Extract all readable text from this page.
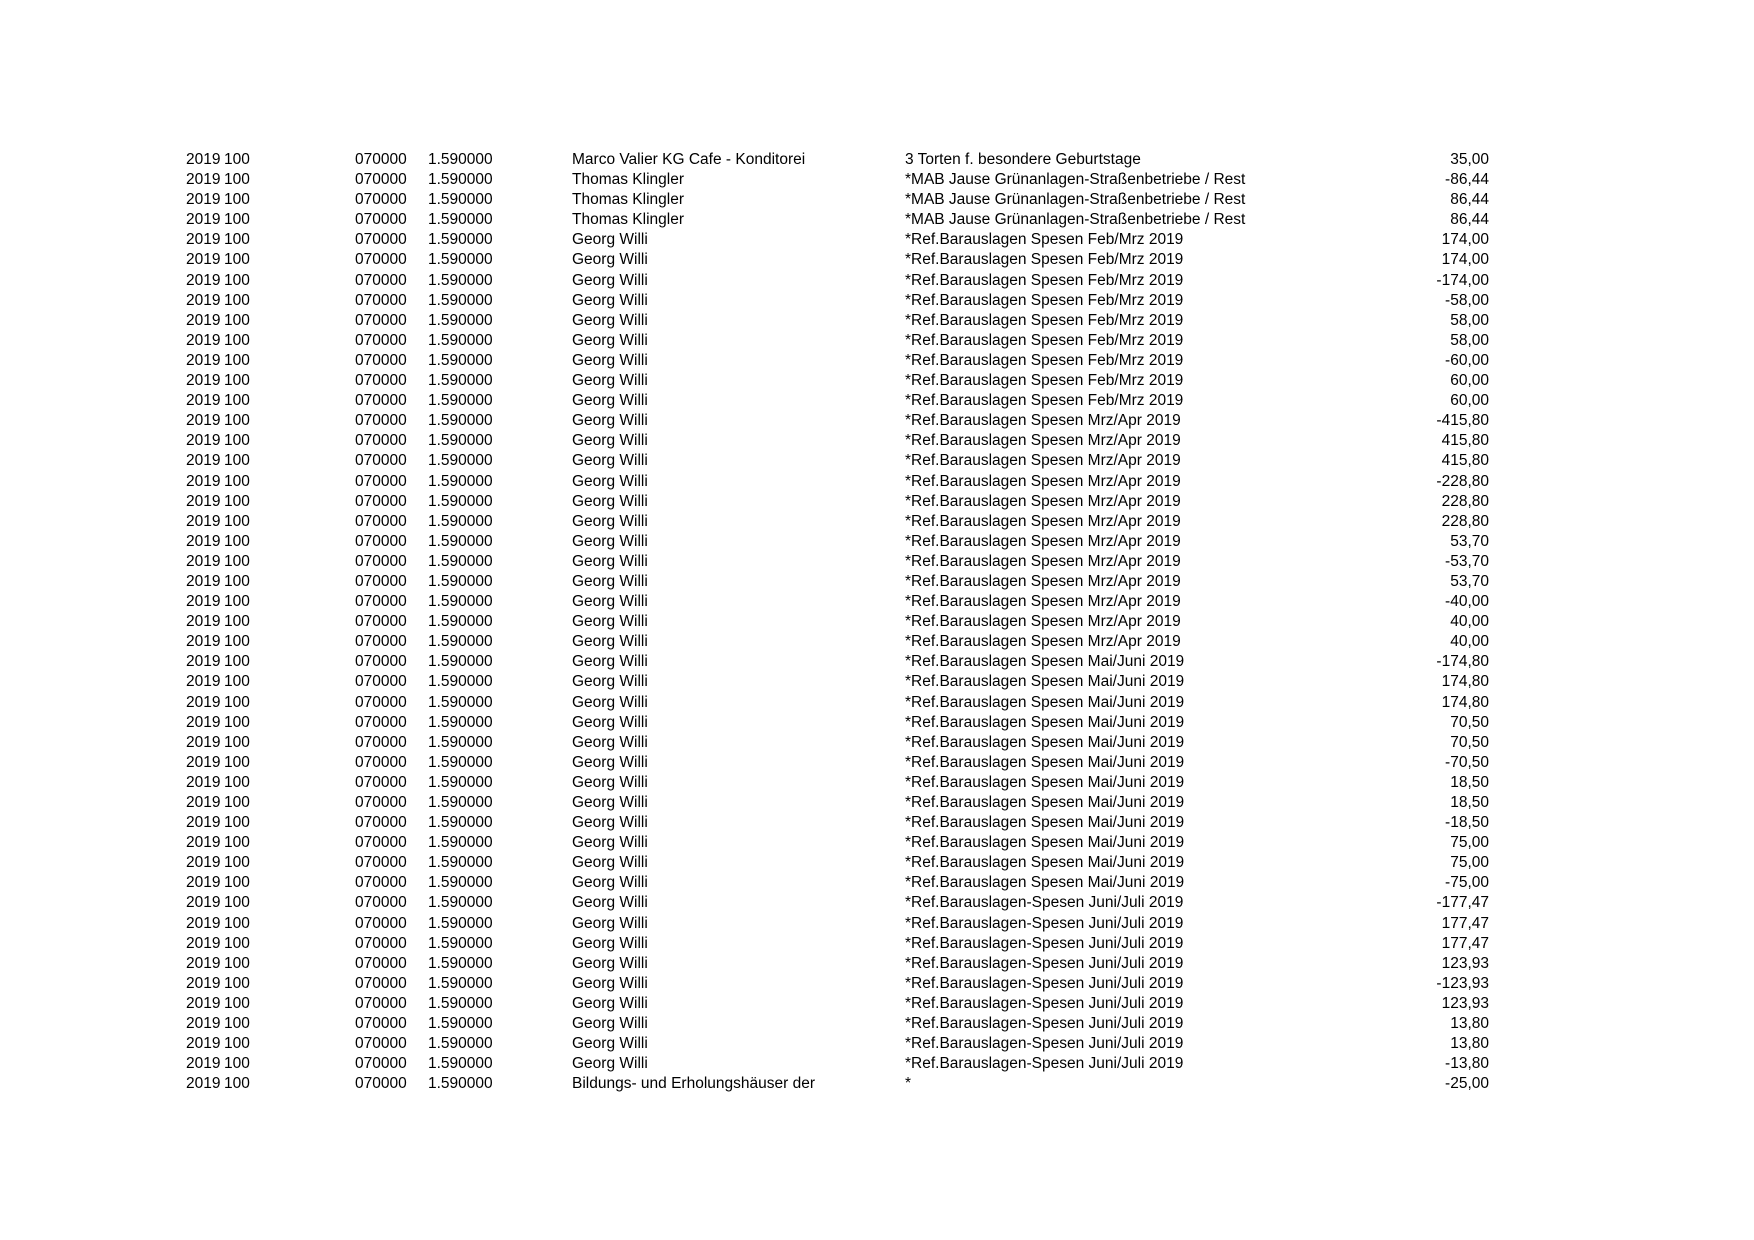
2019 100	070000 1.590000	Marco Valier KG Cafe - Konditorei	3 Torten f. besondere Geburtstage	35,00
2019 100	070000 1.590000	Thomas Klingler	*MAB Jause Grünanlagen-Straßenbetriebe / Rest	-86,44
2019 100	070000 1.590000	Thomas Klingler	*MAB Jause Grünanlagen-Straßenbetriebe / Rest	86,44
2019 100	070000 1.590000	Thomas Klingler	*MAB Jause Grünanlagen-Straßenbetriebe / Rest	86,44
2019 100	070000 1.590000	Georg Willi	*Ref.Barauslagen Spesen Feb/Mrz 2019	174,00
2019 100	070000 1.590000	Georg Willi	*Ref.Barauslagen Spesen Feb/Mrz 2019	174,00
2019 100	070000 1.590000	Georg Willi	*Ref.Barauslagen Spesen Feb/Mrz 2019	-174,00
2019 100	070000 1.590000	Georg Willi	*Ref.Barauslagen Spesen Feb/Mrz 2019	-58,00
2019 100	070000 1.590000	Georg Willi	*Ref.Barauslagen Spesen Feb/Mrz 2019	58,00
2019 100	070000 1.590000	Georg Willi	*Ref.Barauslagen Spesen Feb/Mrz 2019	58,00
2019 100	070000 1.590000	Georg Willi	*Ref.Barauslagen Spesen Feb/Mrz 2019	-60,00
2019 100	070000 1.590000	Georg Willi	*Ref.Barauslagen Spesen Feb/Mrz 2019	60,00
2019 100	070000 1.590000	Georg Willi	*Ref.Barauslagen Spesen Feb/Mrz 2019	60,00
2019 100	070000 1.590000	Georg Willi	*Ref.Barauslagen Spesen Mrz/Apr 2019	-415,80
2019 100	070000 1.590000	Georg Willi	*Ref.Barauslagen Spesen Mrz/Apr 2019	415,80
2019 100	070000 1.590000	Georg Willi	*Ref.Barauslagen Spesen Mrz/Apr 2019	415,80
2019 100	070000 1.590000	Georg Willi	*Ref.Barauslagen Spesen Mrz/Apr 2019	-228,80
2019 100	070000 1.590000	Georg Willi	*Ref.Barauslagen Spesen Mrz/Apr 2019	228,80
2019 100	070000 1.590000	Georg Willi	*Ref.Barauslagen Spesen Mrz/Apr 2019	228,80
2019 100	070000 1.590000	Georg Willi	*Ref.Barauslagen Spesen Mrz/Apr 2019	53,70
2019 100	070000 1.590000	Georg Willi	*Ref.Barauslagen Spesen Mrz/Apr 2019	-53,70
2019 100	070000 1.590000	Georg Willi	*Ref.Barauslagen Spesen Mrz/Apr 2019	53,70
2019 100	070000 1.590000	Georg Willi	*Ref.Barauslagen Spesen Mrz/Apr 2019	-40,00
2019 100	070000 1.590000	Georg Willi	*Ref.Barauslagen Spesen Mrz/Apr 2019	40,00
2019 100	070000 1.590000	Georg Willi	*Ref.Barauslagen Spesen Mrz/Apr 2019	40,00
2019 100	070000 1.590000	Georg Willi	*Ref.Barauslagen Spesen Mai/Juni 2019	-174,80
2019 100	070000 1.590000	Georg Willi	*Ref.Barauslagen Spesen Mai/Juni 2019	174,80
2019 100	070000 1.590000	Georg Willi	*Ref.Barauslagen Spesen Mai/Juni 2019	174,80
2019 100	070000 1.590000	Georg Willi	*Ref.Barauslagen Spesen Mai/Juni 2019	70,50
2019 100	070000 1.590000	Georg Willi	*Ref.Barauslagen Spesen Mai/Juni 2019	70,50
2019 100	070000 1.590000	Georg Willi	*Ref.Barauslagen Spesen Mai/Juni 2019	-70,50
2019 100	070000 1.590000	Georg Willi	*Ref.Barauslagen Spesen Mai/Juni 2019	18,50
2019 100	070000 1.590000	Georg Willi	*Ref.Barauslagen Spesen Mai/Juni 2019	18,50
2019 100	070000 1.590000	Georg Willi	*Ref.Barauslagen Spesen Mai/Juni 2019	-18,50
2019 100	070000 1.590000	Georg Willi	*Ref.Barauslagen Spesen Mai/Juni 2019	75,00
2019 100	070000 1.590000	Georg Willi	*Ref.Barauslagen Spesen Mai/Juni 2019	75,00
2019 100	070000 1.590000	Georg Willi	*Ref.Barauslagen Spesen Mai/Juni 2019	-75,00
2019 100	070000 1.590000	Georg Willi	*Ref.Barauslagen-Spesen Juni/Juli 2019	-177,47
2019 100	070000 1.590000	Georg Willi	*Ref.Barauslagen-Spesen Juni/Juli 2019	177,47
2019 100	070000 1.590000	Georg Willi	*Ref.Barauslagen-Spesen Juni/Juli 2019	177,47
2019 100	070000 1.590000	Georg Willi	*Ref.Barauslagen-Spesen Juni/Juli 2019	123,93
2019 100	070000 1.590000	Georg Willi	*Ref.Barauslagen-Spesen Juni/Juli 2019	-123,93
2019 100	070000 1.590000	Georg Willi	*Ref.Barauslagen-Spesen Juni/Juli 2019	123,93
2019 100	070000 1.590000	Georg Willi	*Ref.Barauslagen-Spesen Juni/Juli 2019	13,80
2019 100	070000 1.590000	Georg Willi	*Ref.Barauslagen-Spesen Juni/Juli 2019	13,80
2019 100	070000 1.590000	Georg Willi	*Ref.Barauslagen-Spesen Juni/Juli 2019	-13,80
2019 100	070000 1.590000	Bildungs- und Erholungshäuser der	*	-25,00
